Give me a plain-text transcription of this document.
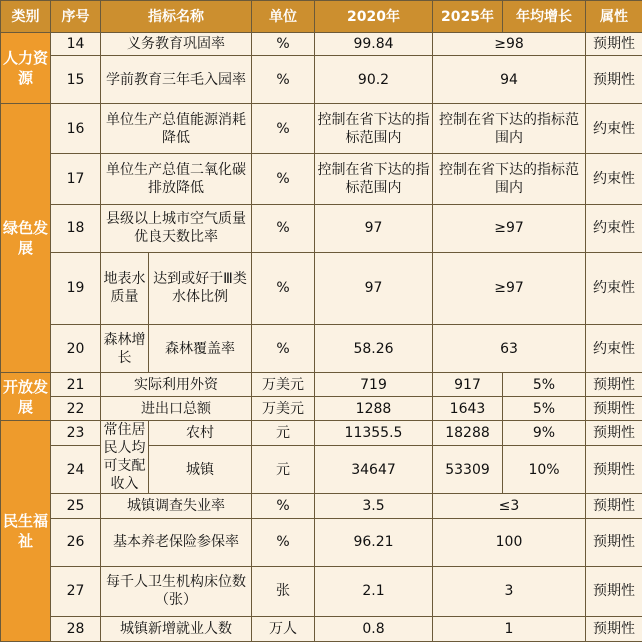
类别	序号	指标名称		单位	2020年	2025年	年均增长	属性
人力资源	14	义务教育巩固率		%	99.84	≥98		预期性
	15	学前教育三年毛入园率		%	90.2	94		预期性
绿色发展	16	单位生产总值能源消耗降低		%	控制在省下达的指标范围内	控制在省下达的指标范围内		约束性
	17	单位生产总值二氧化碳排放降低		%	控制在省下达的指标范围内	控制在省下达的指标范围内		约束性
	18	县级以上城市空气质量优良天数比率		%	97	≥97		约束性
	19	地表水质量	达到或好于Ⅲ类水体比例	%	97	≥97		约束性
	20	森林增长	森林覆盖率	%	58.26	63		约束性
开放发展	21	实际利用外资		万美元	719	917	5%	预期性
	22	进出口总额		万美元	1288	1643	5%	预期性
民生福祉	23	常住居民人均可支配收入	农村	元	11355.5	18288	9%	预期性
	24		城镇	元	34647	53309	10%	预期性
	25	城镇调查失业率		%	3.5	≤3		预期性
	26	基本养老保险参保率		%	96.21	100		预期性
	27	每千人卫生机构床位数（张）		张	2.1	3		预期性
	28	城镇新增就业人数		万人	0.8	1		预期性
